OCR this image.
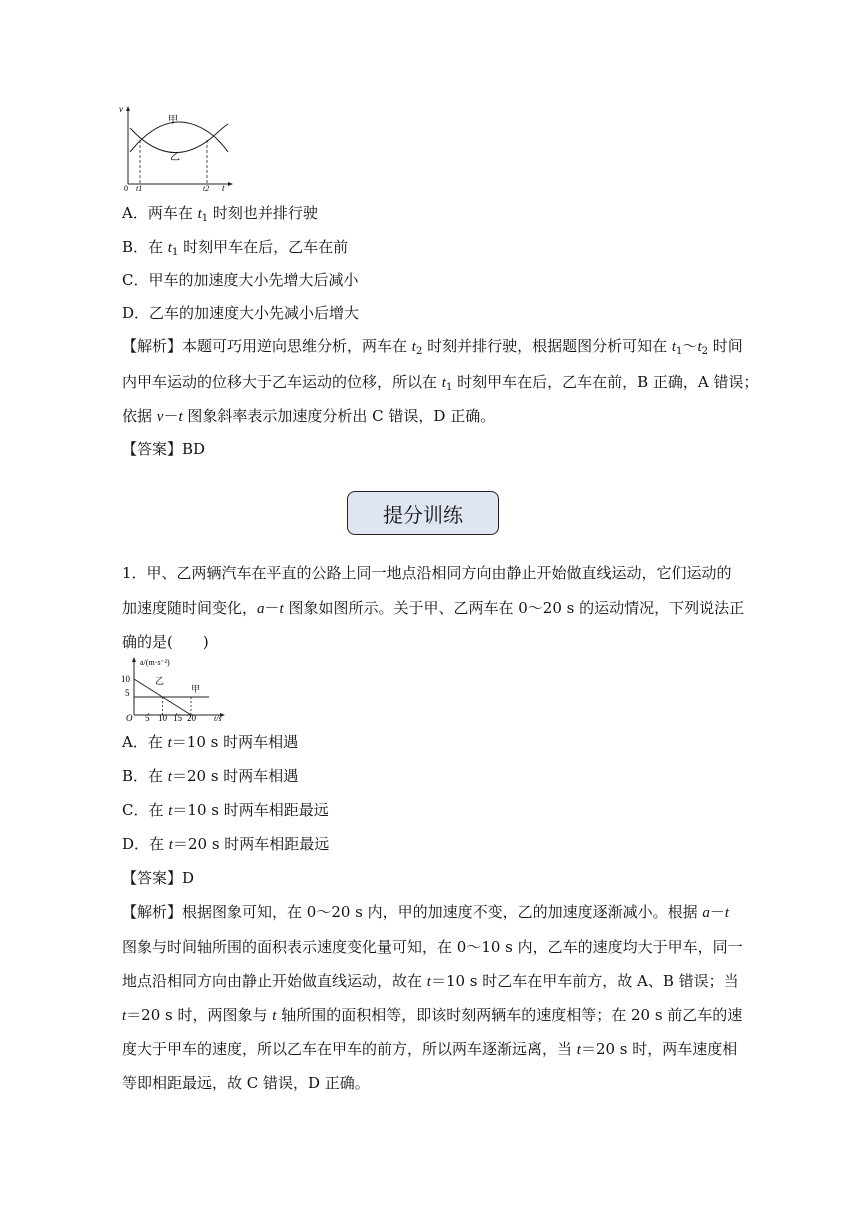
v
0 t1	t2 t
甲
乙
A．两车在 $t_1$ 时刻也并排行驶
B．在 $t_1$ 时刻甲车在后，乙车在前
C．甲车的加速度大小先增大后减小
D．乙车的加速度大小先减小后增大
【解析】本题可巧用逆向思维分析，两车在 $t_2$ 时刻并排行驶，根据题图分析可知在 $t_1\sim t_2$ 时间
内甲车运动的位移大于乙车运动的位移，所以在 $t_1$ 时刻甲车在后，乙车在前，B 正确，A 错误；
依据 v－t 图象斜率表示加速度分析出 C 错误，D 正确。
【答案】BD
提分训练
1．甲、乙两辆汽车在平直的公路上同一地点沿相同方向由静止开始做直线运动，它们运动的
加速度随时间变化，a－t 图象如图所示。关于甲、乙两车在 0～20 s 的运动情况，下列说法正
确的是(　　)
a/(m·s⁻²)
10
5
O 5 10 15 20 t/s
乙
甲
A．在 t＝10 s 时两车相遇
B．在 t＝20 s 时两车相遇
C．在 t＝10 s 时两车相距最远
D．在 t＝20 s 时两车相距最远
【答案】D
【解析】根据图象可知，在 0～20 s 内，甲的加速度不变，乙的加速度逐渐减小。根据 a－t
图象与时间轴所围的面积表示速度变化量可知，在 0～10 s 内，乙车的速度均大于甲车，同一
地点沿相同方向由静止开始做直线运动，故在 t＝10 s 时乙车在甲车前方，故 A、B 错误；当
t＝20 s 时，两图象与 t 轴所围的面积相等，即该时刻两辆车的速度相等；在 20 s 前乙车的速
度大于甲车的速度，所以乙车在甲车的前方，所以两车逐渐远离，当 t＝20 s 时，两车速度相
等即相距最远，故 C 错误，D 正确。
